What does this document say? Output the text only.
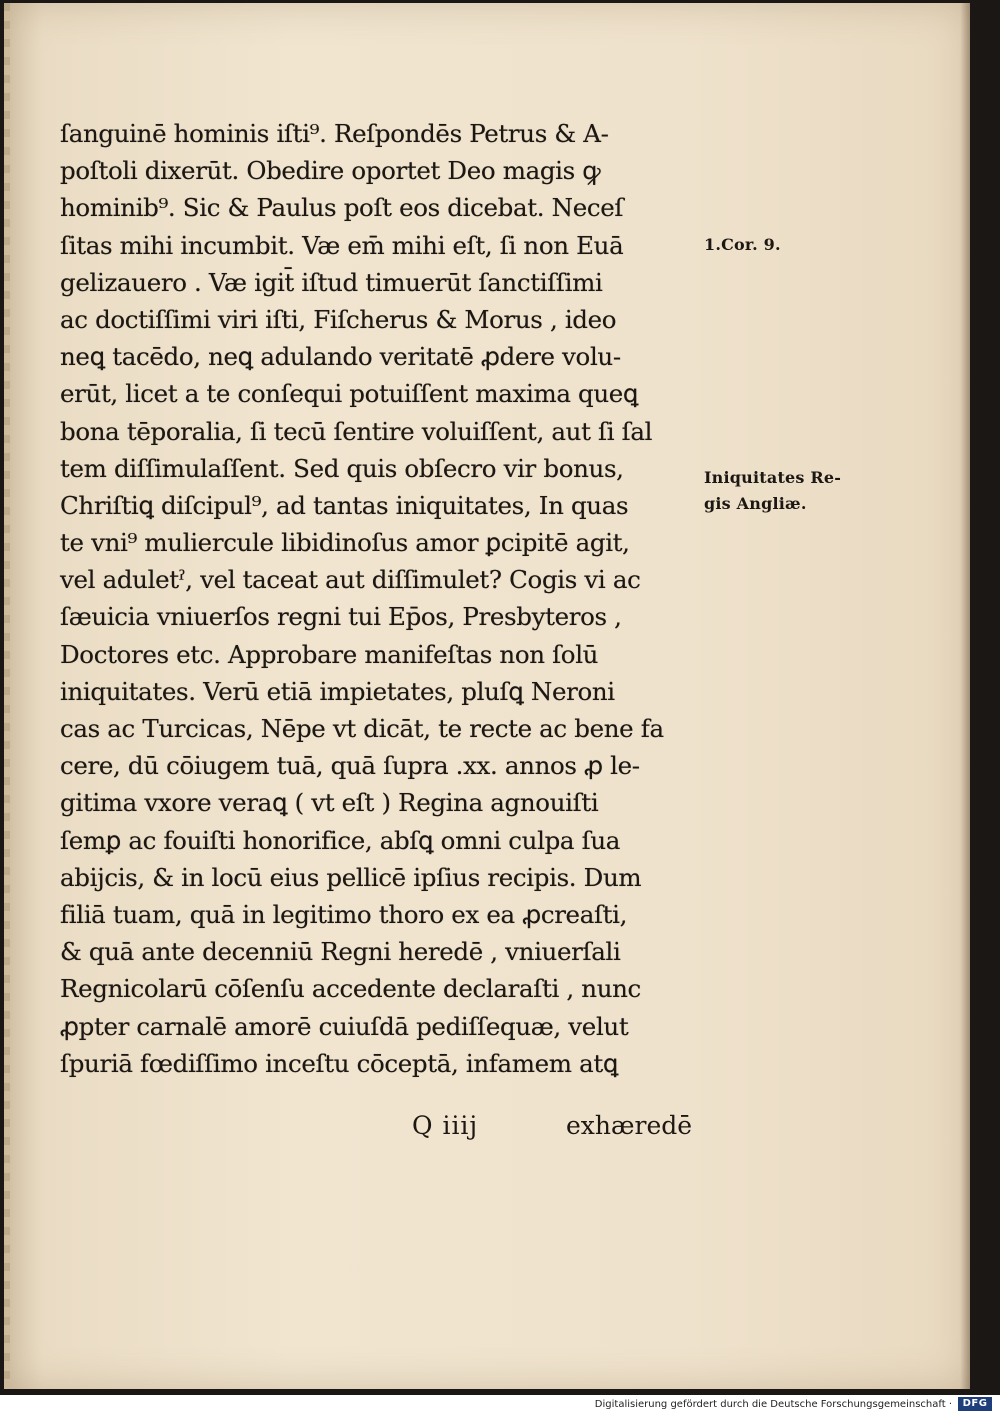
ſanguinē hominis iſti⁹. Reſpondēs Petrus & A-
poſtoli dixerūt. Obedire oportet Deo magis ꝙ
hominib⁹. Sic & Paulus poſt eos dicebat. Neceſ
ſitas mihi incumbit. Væ em̄ mihi eſt, ſi non Euā
gelizauero . Væ igit̄ iſtud timuerūt ſanctiſſimi
ac doctiſſimi viri iſti, Fiſcherus & Morus , ideo
neꝗ tacēdo, neꝗ adulando veritatē ꝓdere volu-
erūt, licet a te conſequi potuiſſent maxima queꝗ
bona tēporalia, ſi tecū ſentire voluiſſent, aut ſi ſal
tem diſſimulaſſent. Sed quis obſecro vir bonus,
Chriſtiꝗ diſcipul⁹, ad tantas iniquitates, In quas
te vni⁹ muliercule libidinoſus amor ꝑcipitē agit,
vel aduletˀ, vel taceat aut diſſimulet? Cogis vi ac
ſæuicia vniuerſos regni tui Ep̄os, Presbyteros ,
Doctores etc. Approbare manifeſtas non ſolū
iniquitates. Verū etiā impietates, pluſꝗ Neroni
cas ac Turcicas, Nēpe vt dicāt, te recte ac bene fa
cere, dū cōiugem tuā, quā ſupra .xx. annos ꝓ le-
gitima vxore veraꝗ ( vt eſt ) Regina agnouiſti
ſemꝑ ac fouiſti honorifice, abſꝗ omni culpa ſua
abijcis, & in locū eius pellicē ipſius recipis. Dum
filiā tuam, quā in legitimo thoro ex ea ꝓcreaſti,
& quā ante decenniū Regni heredē , vniuerſali
Regnicolarū cōſenſu accedente declaraſti , nunc
ꝓpter carnalē amorē cuiuſdā pediſſequæ, velut
ſpuriā fœdiſſimo inceſtu cōceptā, infamem atꝗ
Q iiij	exhæredē
1.Cor. 9.
Iniquitates Re-
gis Angliæ.
Digitalisierung gefördert durch die Deutsche Forschungsgemeinschaft ·	DFG
